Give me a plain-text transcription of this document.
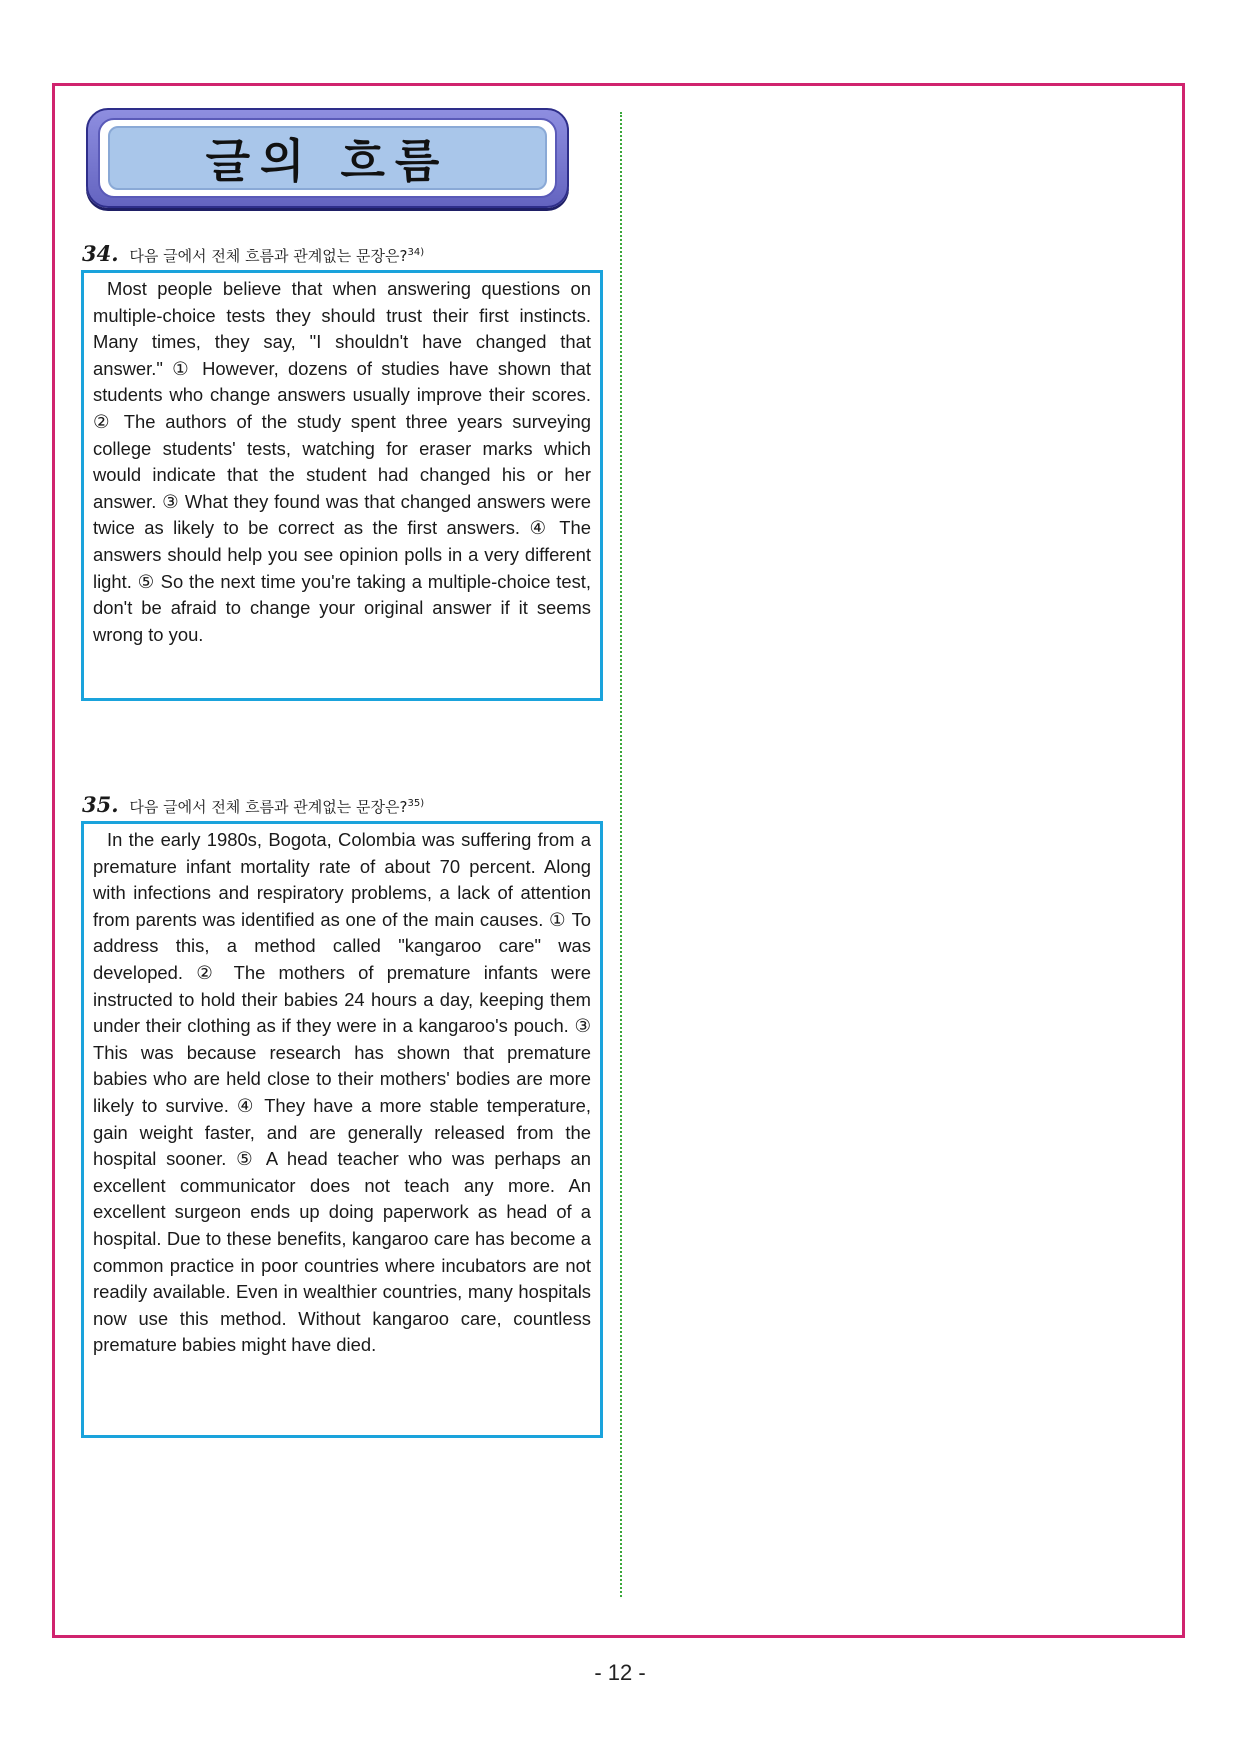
글의 흐름
34. 다음 글에서 전체 흐름과 관계없는 문장은?$^{34)}$
Most people believe that when answering questions on multiple-choice tests they should trust their first instincts. Many times, they say, "I shouldn't have changed that answer." ① However, dozens of studies have shown that students who change answers usually improve their scores. ② The authors of the study spent three years surveying college students' tests, watching for eraser marks which would indicate that the student had changed his or her answer. ③ What they found was that changed answers were twice as likely to be correct as the first answers. ④ The answers should help you see opinion polls in a very different light. ⑤ So the next time you're taking a multiple-choice test, don't be afraid to change your original answer if it seems wrong to you.
35. 다음 글에서 전체 흐름과 관계없는 문장은?$^{35)}$
In the early 1980s, Bogota, Colombia was suffering from a premature infant mortality rate of about 70 percent. Along with infections and respiratory problems, a lack of attention from parents was identified as one of the main causes. ① To address this, a method called "kangaroo care" was developed. ② The mothers of premature infants were instructed to hold their babies 24 hours a day, keeping them under their clothing as if they were in a kangaroo's pouch. ③ This was because research has shown that premature babies who are held close to their mothers' bodies are more likely to survive. ④ They have a more stable temperature, gain weight faster, and are generally released from the hospital sooner. ⑤ A head teacher who was perhaps an excellent communicator does not teach any more. An excellent surgeon ends up doing paperwork as head of a hospital. Due to these benefits, kangaroo care has become a common practice in poor countries where incubators are not readily available. Even in wealthier countries, many hospitals now use this method. Without kangaroo care, countless premature babies might have died.
- 12 -
